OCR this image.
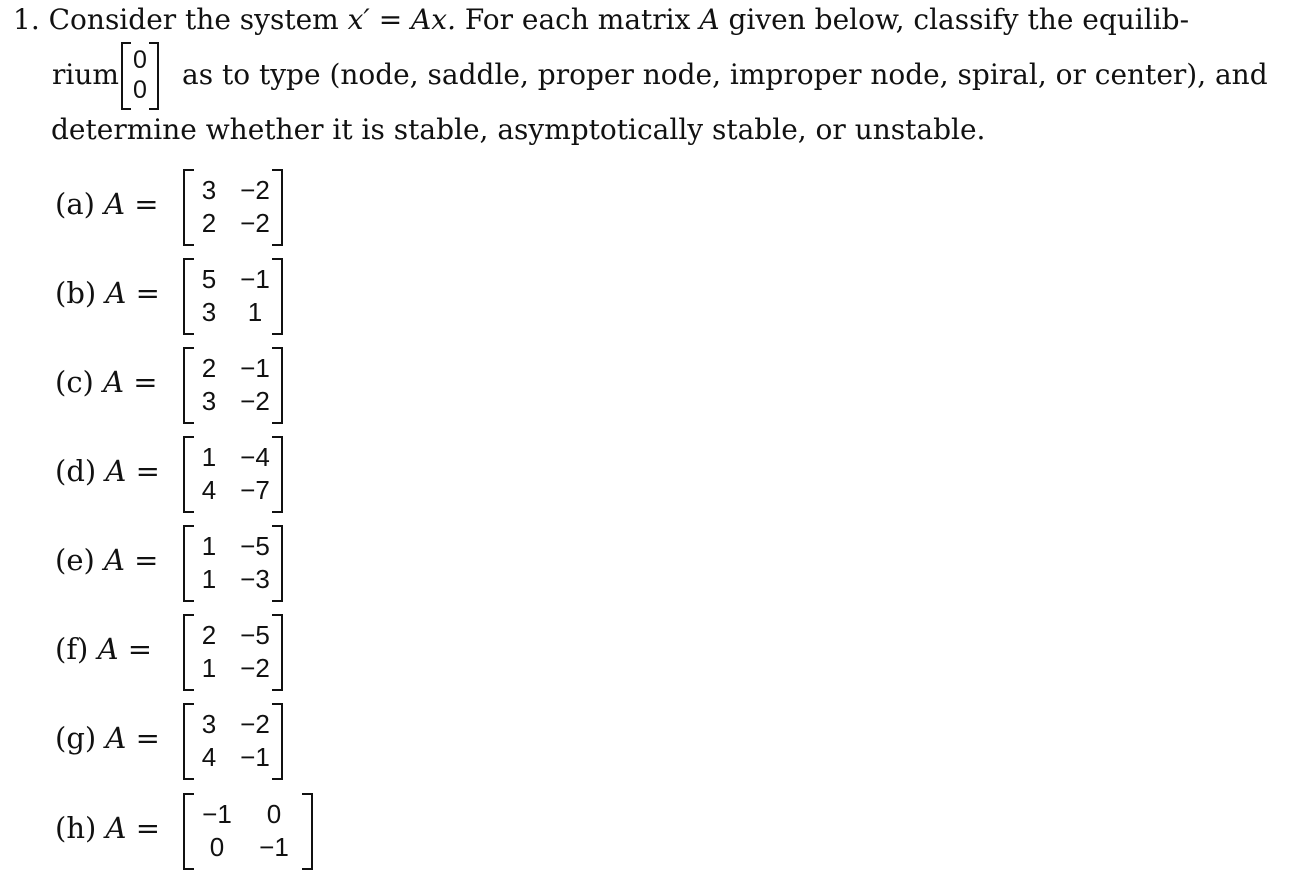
1. Consider the system x′ = Ax. For each matrix A given below, classify the equilib-
rium 0
0	as to type (node, saddle, proper node, improper node, spiral, or center), and
determine whether it is stable, asymptotically stable, or unstable.
(a) A =	3 −2
2 −2
(b) A =	5 −1
3	1
(c) A =	2 −1
3 −2
(d) A =	1 −4
4 −7
(e) A =	1 −5
1 −3
(f) A =	2 −5
1 −2
(g) A =	3 −2
4 −1
(h) A =	−1	0
0	−1
